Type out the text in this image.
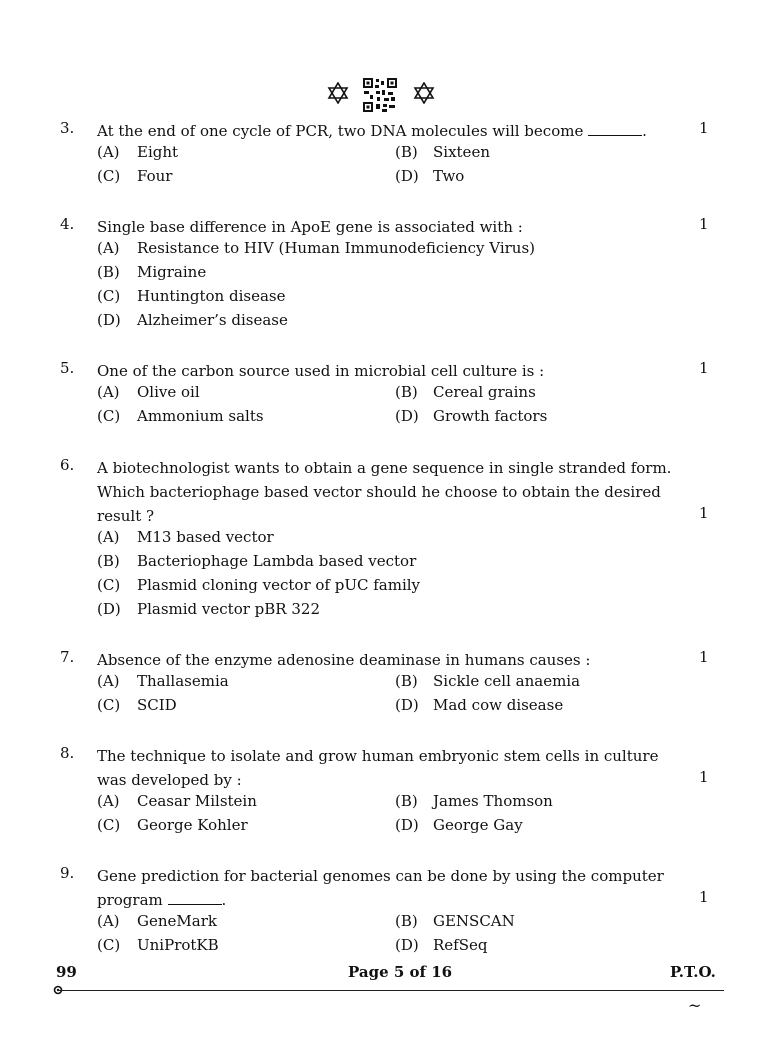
3. At the end of one cycle of PCR, two DNA molecules will become	.	1
(A) Eight	(B) Sixteen
(C) Four	(D) Two
4. Single base difference in ApoE gene is associated with :	1
(A) Resistance to HIV (Human Immunodeficiency Virus)
(B) Migraine
(C) Huntington disease
(D) Alzheimer’s disease
5. One of the carbon source used in microbial cell culture is :	1
(A) Olive oil	(B) Cereal grains
(C) Ammonium salts	(D) Growth factors
6. A biotechnologist wants to obtain a gene sequence in single stranded form.
Which bacteriophage based vector should he choose to obtain the desired
result ?	1
(A) M13 based vector
(B) Bacteriophage Lambda based vector
(C) Plasmid cloning vector of pUC family
(D) Plasmid vector pBR 322
7. Absence of the enzyme adenosine deaminase in humans causes :	1
(A) Thallasemia	(B) Sickle cell anaemia
(C) SCID	(D) Mad cow disease
8. The technique to isolate and grow human embryonic stem cells in culture
was developed by :	1
(A) Ceasar Milstein	(B) James Thomson
(C) George Kohler	(D) George Gay
9. Gene prediction for bacterial genomes can be done by using the computer
program	.	1
(A) GeneMark	(B) GENSCAN
(C) UniProtKB	(D) RefSeq
99	Page 5 of 16	P.T.O.
~
